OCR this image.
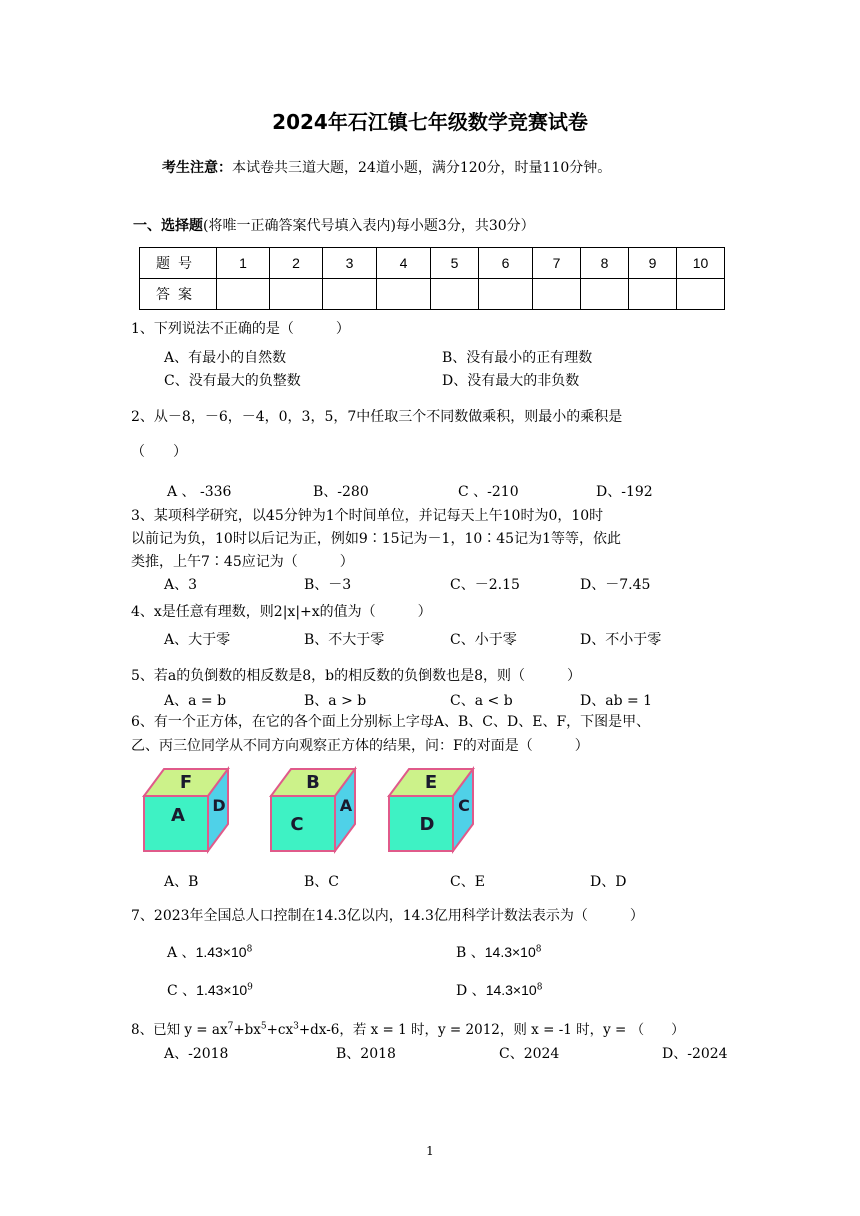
2024年石江镇七年级数学竞赛试卷
考生注意：本试卷共三道大题，24道小题，满分120分，时量110分钟。
一、选择题(将唯一正确答案代号填入表内)每小题3分，共30分）
题号	1	2	3	4	5	6	7	8	9	10
答案										
1、下列说法不正确的是（　　　）
A、有最小的自然数	B、没有最小的正有理数
C、没有最大的负整数	D、没有最大的非负数
2、从－8，－6，－4，0，3，5，7中任取三个不同数做乘积，则最小的乘积是
（　　）
A 、 -336	B、-280	C 、-210	D、-192
3、某项科学研究，以45分钟为1个时间单位，并记每天上午10时为0，10时
以前记为负，10时以后记为正，例如9∶15记为－1，10∶45记为1等等，依此
类推，上午7∶45应记为（　　　）
A、3	B、－3	C、－2.15	D、－7.45
4、x是任意有理数，则2|x|+x的值为（　　　）
A、大于零	B、不大于零	C、小于零	D、不小于零
5、若a的负倒数的相反数是8，b的相反数的负倒数也是8，则（　　　）
A、a = b	B、a > b	C、a < b	D、ab = 1
6、有一个正方体，在它的各个面上分别标上字母A、B、C、D、E、F，下图是甲、
乙、丙三位同学从不同方向观察正方体的结果，问：F的对面是（　　　）
F
A D
B
C
A
E
D
C
A、B	B、C	C、E	D、D
7、2023年全国总人口控制在14.3亿以内，14.3亿用科学计数法表示为（　　　）
A 、$1.43\times 10^8$	B 、$14.3\times 10^8$
C 、$1.43\times 10^9$	D 、$14.3\times 10^8$
8、已知 $y = ax^7+bx^5+cx^3+dx-6$，若 x = 1 时，y = 2012，则 x = -1 时，y = （　　）
A、-2018	B、2018	C、2024	D、-2024
1
